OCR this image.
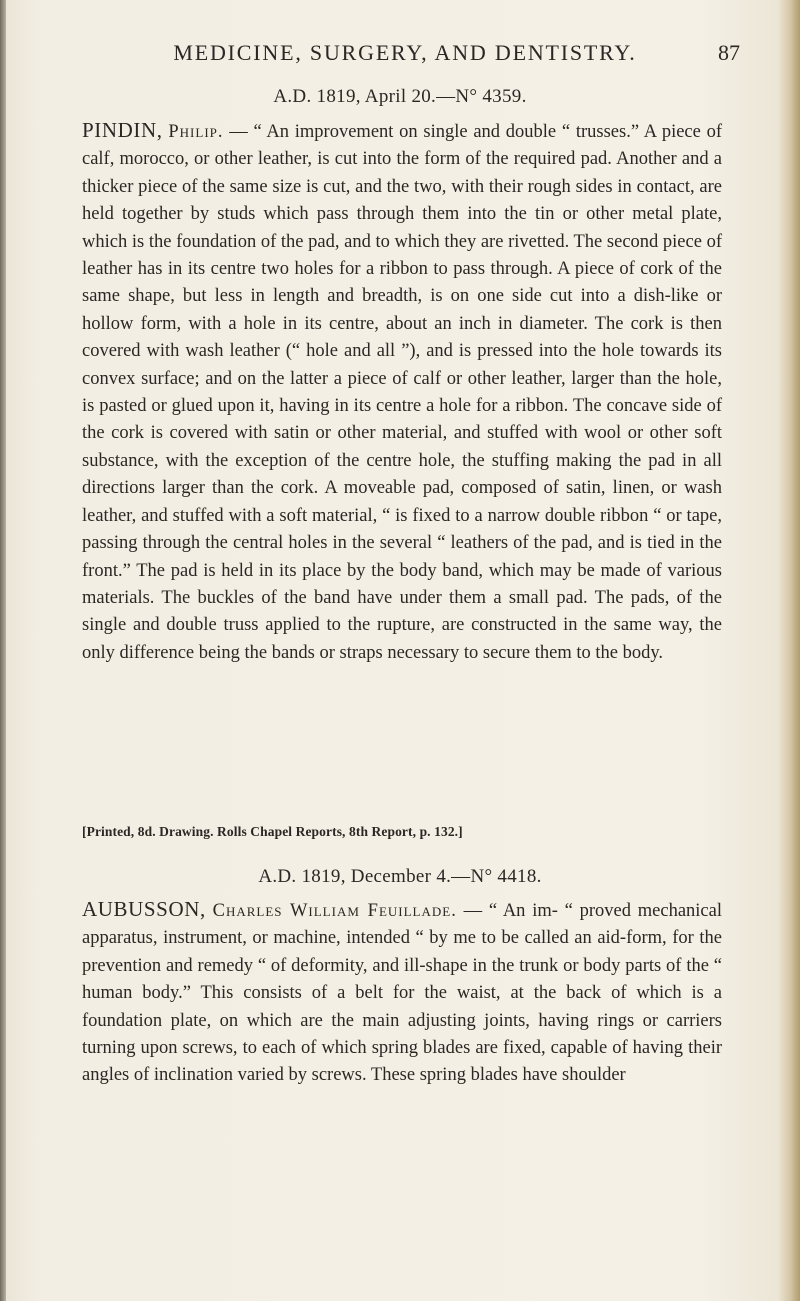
MEDICINE, SURGERY, AND DENTISTRY.	87
A.D. 1819, April 20.—N° 4359.
PINDIN, Philip. — “ An improvement on single and double “ trusses.” A piece of calf, morocco, or other leather, is cut into the form of the required pad. Another and a thicker piece of the same size is cut, and the two, with their rough sides in contact, are held together by studs which pass through them into the tin or other metal plate, which is the foundation of the pad, and to which they are rivetted. The second piece of leather has in its centre two holes for a ribbon to pass through. A piece of cork of the same shape, but less in length and breadth, is on one side cut into a dish-like or hollow form, with a hole in its centre, about an inch in diameter. The cork is then covered with wash leather (“ hole and all ”), and is pressed into the hole towards its convex surface; and on the latter a piece of calf or other leather, larger than the hole, is pasted or glued upon it, having in its centre a hole for a ribbon. The concave side of the cork is covered with satin or other material, and stuffed with wool or other soft substance, with the exception of the centre hole, the stuffing making the pad in all directions larger than the cork. A moveable pad, composed of satin, linen, or wash leather, and stuffed with a soft material, “ is fixed to a narrow double ribbon “ or tape, passing through the central holes in the several “ leathers of the pad, and is tied in the front.” The pad is held in its place by the body band, which may be made of various materials. The buckles of the band have under them a small pad. The pads, of the single and double truss applied to the rupture, are constructed in the same way, the only difference being the bands or straps necessary to secure them to the body.
[Printed, 8d. Drawing. Rolls Chapel Reports, 8th Report, p. 132.]
A.D. 1819, December 4.—N° 4418.
AUBUSSON, Charles William Feuillade. — “ An im- “ proved mechanical apparatus, instrument, or machine, intended “ by me to be called an aid-form, for the prevention and remedy “ of deformity, and ill-shape in the trunk or body parts of the “ human body.” This consists of a belt for the waist, at the back of which is a foundation plate, on which are the main adjusting joints, having rings or carriers turning upon screws, to each of which spring blades are fixed, capable of having their angles of inclination varied by screws. These spring blades have shoulder
